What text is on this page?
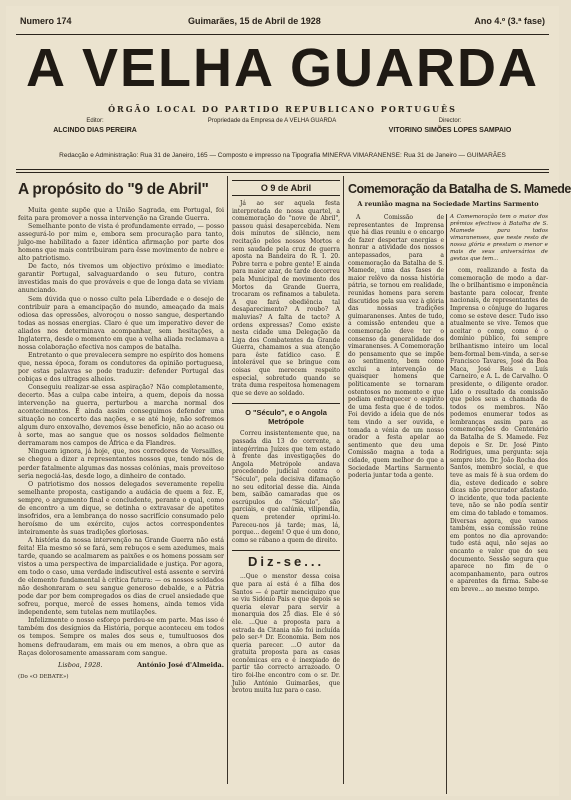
Numero 174	Guimarães, 15 de Abril de 1928	Ano 4.º (3.ª fase)
A VELHA GUARDA
ÓRGÃO LOCAL DO PARTIDO REPUBLICANO PORTUGUÊS
Editor:
ALCINDO DIAS PEREIRA
Propriedade da Empresa de A VELHA GUARDA	Director:
VITORINO SIMÕES LOPES SAMPAIO
Redacção e Administração: Rua 31 de Janeiro, 165 — Composto e impresso na Tipografia MINERVA VIMARANENSE: Rua 31 de Janeiro — GUIMARÃES
A propósito do "9 de Abril"
Muita gente supõe que a União Sagrada, em Portugal, foi feita para promover a nossa intervenção na Grande Guerra.
Semelhante ponto de vista é profundamente errado, — posso assegurá-lo por mim e, embora sem procuração para tanto, julgo-me habilitado a fazer idêntica afirmação por parte dos homens que mais contribuiram para êsse movimento de nobre e alto patriotismo.
De facto, nós tivemos um objectivo próximo e imediato: garantir Portugal, salvaguardando o seu futuro, contra investidas mais do que prováveis e que de longa data se viviam anunciando.
Sem dúvida que o nosso culto pela Liberdade e o desejo de contribuir para a emancipação do mundo, ameaçado da mais odiosa das opressões, alvoroçou o nosso sangue, despertando todas as nossas energias. Claro é que um imperativo dever de aliados nos determinava acompanhar, sem hesitações, a Inglaterra, desde o momento em que a velha aliada reclamava a nossa colaboração efectiva nos campos de batalha.
Entretanto o que prevalecera sempre no espírito dos homens que, nessa época, foram os condutores da opinião portuguesa, por estas palavras se pode traduzir: defender Portugal das cobiças e dos ultrages alheios.
Conseguiu realizar-se essa aspiração? Não completamente, decerto. Mas a culpa cabe inteira, a quem, depois da nossa intervenção na guerra, perturbou a marcha normal dos acontecimentos. É ainda assim conseguimos defender uma situação no concerto das nações, e se até hoje, não sofremos algum duro enxovalho, devemos êsse benefício, não ao acaso ou à sorte, mas ao sangue que os nossos soldados fielmente derramaram nos campos de África e da Flandres.
Ninguem ignora, já hoje, que, nos corredores de Versailles, se chegou a dizer a representantes nossos que, tendo nós de perder fatalmente algumas das nossas colónias, mais proveitoso seria negociá-las, desde logo, a dinheiro de contado.
O patriotismo dos nossos delegados severamente repeliu semelhante proposta, castigando a audácia de quem a fez. E, sempre, o argumento final e concludente, perante o qual, como de encontro a um dique, se detinha o extravasar de apetites insofridos, era a lembrança do nosso sacrifício consumado pelo heroísmo de um exército, cujos actos correspondentes inteiramente às suas tradições gloriosas.
A história da nossa intervenção na Grande Guerra não está feita! Ela mesmo só se fará, sem rebuços e sem azedumes, mais tarde, quando se acalmarem as paixões e os homens possam ser vistos a uma perspectiva de imparcialidade e justiça. Por agora, em todo o caso, uma verdade indiscutível está assente e servirá de elemento fundamental à crítica futura: — os nossos soldados não deshonraram o seu sangue generoso debalde, e a Pátria pode dar por bem compregados os dias de cruel ansiedade que sofreu, porque, mercê de esses homens, ainda temos vida independente, sem tutelas nem mutilações.
Infelizmente o nosso esforço perdeu-se em parte. Mas isso é também dos desígnios da História, porque aconteceu em todos os tempos. Sempre os males dos seus e, tumultuosos dos homens defraudaram, em mais ou em menos, a obra que as Raças dolorosamente amassaram com sangue.
Lisboa, 1928.	António José d'Almeida.
(Do «O DEBATE»)
O 9 de Abril
Já ao ser aquela festa interpretada de nossa quartel, a comemoração do "nove de Abril", passou quási desapercebida. Nem dois minutos de silêncio, nem recitação pelos nossos Mortos e sem saudade pela cruz de guerra aposta na Bandeira do R. I. 20. Pobre terra e pobre gente! E ainda para maior azar, de tarde decorreu pela Municipal de movimento dos Mortos da Grande Guerra, trocaram os refinamos a tabuleta. A que fará obediência tal desaparecimento? A roubo? A maluvias? A falta de tacto? A ordens expressas? Como existe nesta cidade uma Delegação da Liga dos Combatentes da Grande Guerra, chamamos a sua atenção para êste fatídico caso. É intolerável que se bringue com coisas que merecem respeito especial, sobretudo quando se trata duma respeitosa homenagem que se deve ao soldado.
O "Século", e o Angola Metrópole
Correu insistentemente que, na passada dia 13 do corrente, a integérrima Juízes que tem estado à frente das investigações do Angola Metrópole andava procedendo judicial contra o "Século", pela decisiva difamação no seu editorial desse dia. Ainda bem, saibão camaradas que os escrúpulos do "Século", são parciais, e que calúnia, vilipendia, quem pretender oprimi-lo. Pareceu-nos já tarde; mas, lá, porque... degem! O que é um dono, como se rábano a quem de direito.
Diz-se...
...Que o menstor dessa coisa que para aí está é a filha dos Santos — é partir menciquizo que se viu Sidónio Pais e que depois se queria elevar para servir a monarquia dos 25 dias. Ele é só ele. ...Que a proposta para a estrada da Citania não foi incluída pelo ser-º Dr. Economia. Bem nos queria parecer. ...O autor da gratuita proposta para as casas econômicas era e é inexpiado de partir tão correcto arrazoado. O tiro foi-lhe encontro com o sr. Dr. Julio António Guimarães, que brotou muita luz para o caso.
Comemoração da Batalha de S. Mamede
A reunião magna na Sociedade Martins Sarmento
A Comissão de representantes de Imprensa que há dias reuniu e o encargo de fazer despertar energias e honrar a atividade dos nossos antepassados, para a comemoração da Batalha de S. Mamede, uma das fases de maior relêvo da nossa história pátria, se tornou em realidade, reunidas homens para serem discutidos pela sua vez à glória das nossas tradições guimaranenses. Antes de tudo, a comissão entendeu que a comemoração deve ter o consenso da generalidade dos vimaranenses. A Comemoração do pensamento que se impõe ao sentimento, bem como exclui a intervenção de quaisquer homens que politicamente se tornaram ostentosos no momento e que podiam enfraquecer o espírito de uma festa que é de todos. Foi devido a ideia que de nós tem vindo a ser ouvida, e tomada a vénia de um nosso orador a festa apelar ao sentimento que deu uma Comissão magna a toda a cidade, quem melhor do que a Sociedade Martins Sarmento poderia juntar toda a gente.
A Comemoração tem o maior dos prêmios efectivos à Batalha de S. Mamede para todos vimaranenses, que neste resto de nossa glória e prestam o menor e mais de seus aniversários de gestas que tem...
com, realizando a festa da comemoração de modo a dar-lhe o brilhantismo e imponência bastante para colocar, frente nacionais, de representantes de Imprensa o cônjuge do lugares como se esteve descr. Tudo isso atualmente se vive. Temos que aceitar o comp, como é o domínio público, foi sempre brilhantismo inteiro um local bem-formal bem-vinda, a ser-se Francisco Tavares, José da Boa Maca, José Reis e Luís Carneiro, e A. L. de Carvalho. O presidente, o diligente orador. Lido o resultado da comissão que pelos seus a chamada de todos os membros. Não podemos enumerar todos as lembranças assim para as comemorações do Centenário da Batalha de S. Mamede. Fez depois e Sr. Dr. José Pinto Rodrigues, uma pergunta: seja sempre isto. Dr. João Rocha dos Santos, membro social, e que teve as mais fé à sua ordem do dia, esteve dedicado e sobre dicas não procurador afastado. O incidente, que toda paciente teve, não se não podia sentir em cima do tablado e tomamos. Diversas agora, que vamos também, essa comissão reúne em pontos no dia aprovando: tudo está aqui, não sejas ao encanto e valor que do seu documento. Sessão segura que aparece no fim de o acompanhamento, para outros e aparentes da firma. Sabe-se em breve... ao mesmo tempo.
